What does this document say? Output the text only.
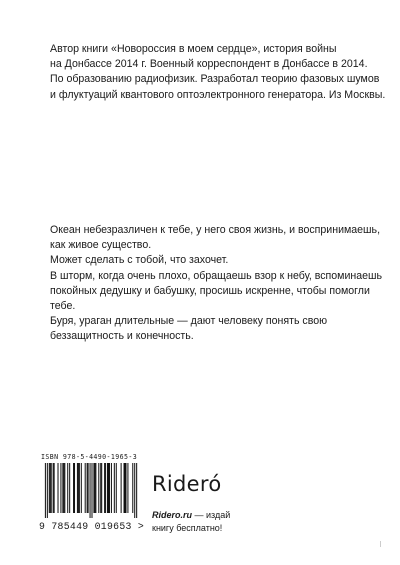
Автор книги «Новороссия в моем сердце», история войны
на Донбассе 2014 г. Военный корреспондент в Донбассе в 2014.
По образованию радиофизик. Разработал теорию фазовых шумов
и флуктуаций квантового оптоэлектронного генератора. Из Москвы.
Океан небезразличен к тебе, у него своя жизнь, и воспринимаешь,
как живое существо.
Может сделать с тобой, что захочет.
В шторм, когда очень плохо, обращаешь взор к небу, вспоминаешь
покойных дедушку и бабушку, просишь искренне, чтобы помогли
тебе.
Буря, ураган длительные — дают человеку понять свою
беззащитность и конечность.
ISBN 978-5-4490-1965-3
9 785449 019653 >
Rideró
Ridero.ru — издай
книгу бесплатно!
